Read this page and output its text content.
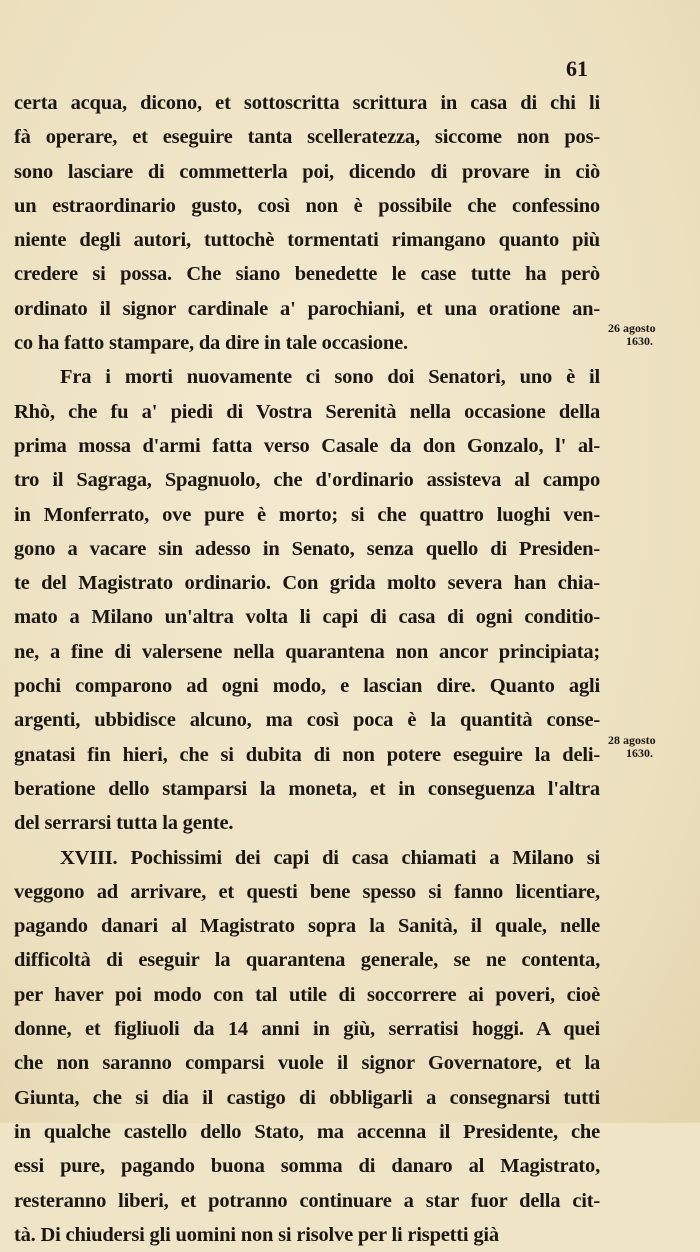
61
certa acqua, dicono, et sottoscritta scrittura in casa di chi li
fà operare, et eseguire tanta scelleratezza, siccome non pos-
sono lasciare di commetterla poi, dicendo di provare in ciò
un estraordinario gusto, così non è possibile che confessino
niente degli autori, tuttochè tormentati rimangano quanto più
credere si possa. Che siano benedette le case tutte ha però
ordinato il signor cardinale a' parochiani, et una oratione an-
co ha fatto stampare, da dire in tale occasione.
Fra i morti nuovamente ci sono doi Senatori, uno è il
Rhò, che fu a' piedi di Vostra Serenità nella occasione della
prima mossa d'armi fatta verso Casale da don Gonzalo, l' al-
tro il Sagraga, Spagnuolo, che d'ordinario assisteva al campo
in Monferrato, ove pure è morto; si che quattro luoghi ven-
gono a vacare sin adesso in Senato, senza quello di Presiden-
te del Magistrato ordinario. Con grida molto severa han chia-
mato a Milano un'altra volta li capi di casa di ogni conditio-
ne, a fine di valersene nella quarantena non ancor principiata;
pochi comparono ad ogni modo, e lascian dire. Quanto agli
argenti, ubbidisce alcuno, ma così poca è la quantità conse-
gnatasi fin hieri, che si dubita di non potere eseguire la deli-
beratione dello stamparsi la moneta, et in conseguenza l'altra
del serrarsi tutta la gente.
XVIII. Pochissimi dei capi di casa chiamati a Milano si
veggono ad arrivare, et questi bene spesso si fanno licentiare,
pagando danari al Magistrato sopra la Sanità, il quale, nelle
difficoltà di eseguir la quarantena generale, se ne contenta,
per haver poi modo con tal utile di soccorrere ai poveri, cioè
donne, et figliuoli da 14 anni in giù, serratisi hoggi. A quei
che non saranno comparsi vuole il signor Governatore, et la
Giunta, che si dia il castigo di obbligarli a consegnarsi tutti
in qualche castello dello Stato, ma accenna il Presidente, che
essi pure, pagando buona somma di danaro al Magistrato,
resteranno liberi, et potranno continuare a star fuor della cit-
tà. Di chiudersi gli uomini non si risolve per li rispetti già
26 agosto
1630.
28 agosto
1630.
